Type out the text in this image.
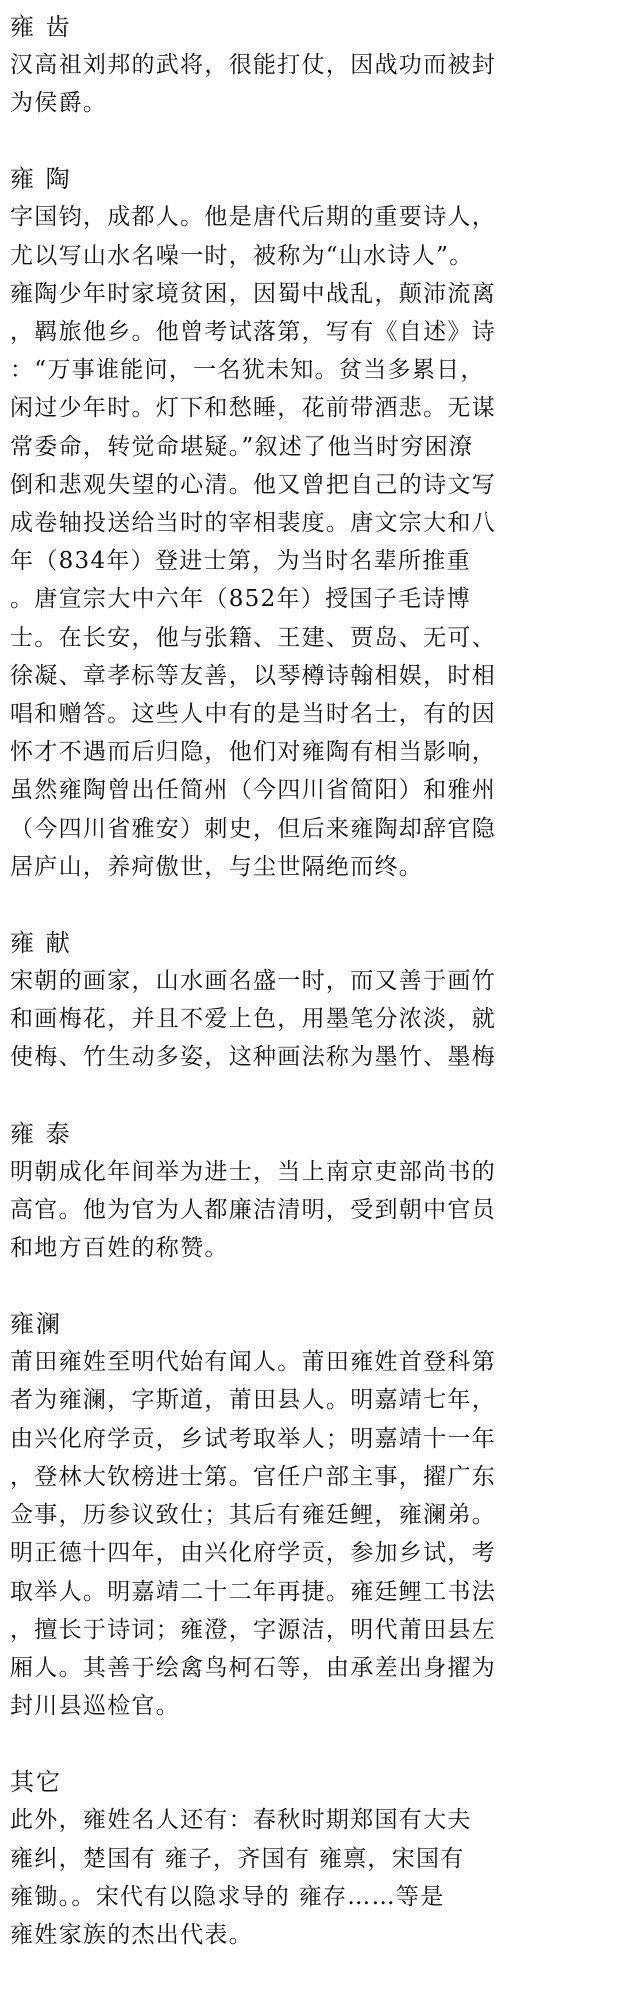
雍 齿
汉高祖刘邦的武将，很能打仗，因战功而被封
为侯爵。
雍 陶
字国钧，成都人。他是唐代后期的重要诗人，
尤以写山水名噪一时，被称为“山水诗人”。
雍陶少年时家境贫困，因蜀中战乱，颠沛流离
，羁旅他乡。他曾考试落第，写有《自述》诗
：“万事谁能问，一名犹未知。贫当多累日，
闲过少年时。灯下和愁睡，花前带酒悲。无谋
常委命，转觉命堪疑。”叙述了他当时穷困潦
倒和悲观失望的心清。他又曾把自己的诗文写
成卷轴投送给当时的宰相裴度。唐文宗大和八
年（834年）登进士第，为当时名辈所推重
。唐宣宗大中六年（852年）授国子毛诗博
士。在长安，他与张籍、王建、贾岛、无可、
徐凝、章孝标等友善，以琴樽诗翰相娱，时相
唱和赠答。这些人中有的是当时名士，有的因
怀才不遇而后归隐，他们对雍陶有相当影响，
虽然雍陶曾出任简州（今四川省简阳）和雅州
（今四川省雅安）刺史，但后来雍陶却辞官隐
居庐山，养疴傲世，与尘世隔绝而终。
雍 献
宋朝的画家，山水画名盛一时，而又善于画竹
和画梅花，并且不爱上色，用墨笔分浓淡，就
使梅、竹生动多姿，这种画法称为墨竹、墨梅
雍 泰
明朝成化年间举为进士，当上南京吏部尚书的
高官。他为官为人都廉洁清明，受到朝中官员
和地方百姓的称赞。
雍澜
莆田雍姓至明代始有闻人。莆田雍姓首登科第
者为雍澜，字斯道，莆田县人。明嘉靖七年，
由兴化府学贡，乡试考取举人；明嘉靖十一年
，登林大钦榜进士第。官任户部主事，擢广东
佥事，历参议致仕；其后有雍廷鲤，雍澜弟。
明正德十四年，由兴化府学贡，参加乡试，考
取举人。明嘉靖二十二年再捷。雍廷鲤工书法
，擅长于诗词；雍澄，字源洁，明代莆田县左
厢人。其善于绘禽鸟柯石等，由承差出身擢为
封川县巡检官。
其它
此外，雍姓名人还有：春秋时期郑国有大夫
雍纠，楚国有 雍子，齐国有 雍禀，宋国有
雍锄。。宋代有以隐求导的 雍存……等是
雍姓家族的杰出代表。
